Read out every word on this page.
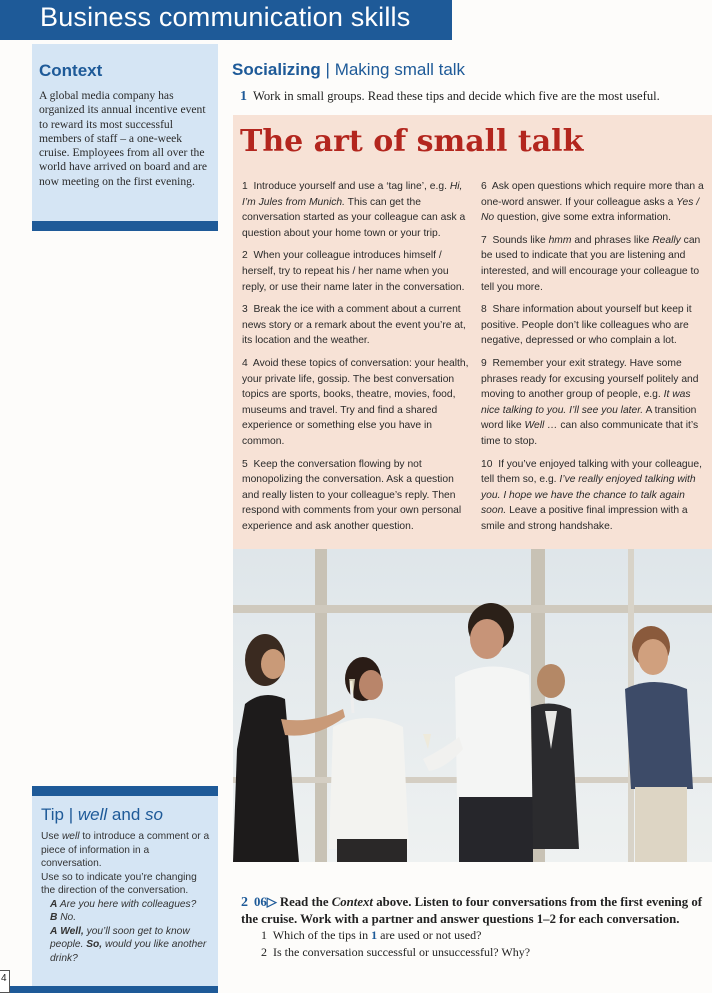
Business communication skills
Context
A global media company has organized its annual incentive event to reward its most successful members of staff – a one-week cruise. Employees from all over the world have arrived on board and are now meeting on the first evening.
Socializing | Making small talk
1 Work in small groups. Read these tips and decide which five are the most useful.
The art of small talk
1 Introduce yourself and use a ‘tag line’, e.g. Hi, I’m Jules from Munich. This can get the conversation started as your colleague can ask a question about your home town or your trip.
2 When your colleague introduces himself / herself, try to repeat his / her name when you reply, or use their name later in the conversation.
3 Break the ice with a comment about a current news story or a remark about the event you’re at, its location and the weather.
4 Avoid these topics of conversation: your health, your private life, gossip. The best conversation topics are sports, books, theatre, movies, food, museums and travel. Try and find a shared experience or something else you have in common.
5 Keep the conversation flowing by not monopolizing the conversation. Ask a question and really listen to your colleague’s reply. Then respond with comments from your own personal experience and ask another question.
6 Ask open questions which require more than a one-word answer. If your colleague asks a Yes / No question, give some extra information.
7 Sounds like hmm and phrases like Really can be used to indicate that you are listening and interested, and will encourage your colleague to tell you more.
8 Share information about yourself but keep it positive. People don’t like colleagues who are negative, depressed or who complain a lot.
9 Remember your exit strategy. Have some phrases ready for excusing yourself politely and moving to another group of people, e.g. It was nice talking to you. I’ll see you later. A transition word like Well … can also communicate that it’s time to stop.
10 If you’ve enjoyed talking with your colleague, tell them so, e.g. I’ve really enjoyed talking with you. I hope we have the chance to talk again soon. Leave a positive final impression with a smile and strong handshake.
Tip | well and so
Use well to introduce a comment or a piece of information in a conversation.
Use so to indicate you’re changing the direction of the conversation.
A Are you here with colleagues?
B No.
A Well, you’ll soon get to know people. So, would you like another drink?
4
2 06▷ Read the Context above. Listen to four conversations from the first evening of the cruise. Work with a partner and answer questions 1–2 for each conversation.
1 Which of the tips in 1 are used or not used?
2 Is the conversation successful or unsuccessful? Why?
